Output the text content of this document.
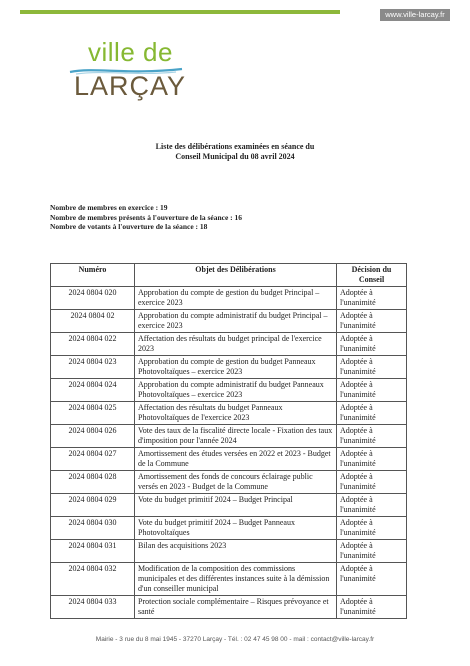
www.ville-larcay.fr
ville de
LARÇAY
Liste des délibérations examinées en séance du
Conseil Municipal du 08 avril 2024
Nombre de membres en exercice : 19
Nombre de membres présents à l'ouverture de la séance : 16
Nombre de votants à l'ouverture de la séance : 18
Numéro	Objet des Délibérations	Décision du Conseil
2024 0804 020	Approbation du compte de gestion du budget Principal – exercice 2023	Adoptée à l'unanimité
2024 0804 02	Approbation du compte administratif du budget Principal – exercice 2023	Adoptée à l'unanimité
2024 0804 022	Affectation des résultats du budget principal de l'exercice 2023	Adoptée à l'unanimité
2024 0804 023	Approbation du compte de gestion du budget Panneaux Photovoltaïques – exercice 2023	Adoptée à l'unanimité
2024 0804 024	Approbation du compte administratif du budget Panneaux Photovoltaïques – exercice 2023	Adoptée à l'unanimité
2024 0804 025	Affectation des résultats du budget Panneaux Photovoltaïques de l'exercice 2023	Adoptée à l'unanimité
2024 0804 026	Vote des taux de la fiscalité directe locale - Fixation des taux d'imposition pour l'année 2024	Adoptée à l'unanimité
2024 0804 027	Amortissement des études versées en 2022 et 2023 - Budget de la Commune	Adoptée à l'unanimité
2024 0804 028	Amortissement des fonds de concours éclairage public versés en 2023 - Budget de la Commune	Adoptée à l'unanimité
2024 0804 029	Vote du budget primitif 2024 – Budget Principal	Adoptée à l'unanimité
2024 0804 030	Vote du budget primitif 2024 – Budget Panneaux Photovoltaïques	Adoptée à l'unanimité
2024 0804 031	Bilan des acquisitions 2023	Adoptée à l'unanimité
2024 0804 032	Modification de la composition des commissions municipales et des différentes instances suite à la démission d'un conseiller municipal	Adoptée à l'unanimité
2024 0804 033	Protection sociale complémentaire – Risques prévoyance et santé	Adoptée à l'unanimité
Mairie - 3 rue du 8 mai 1945 - 37270 Larçay - Tél. : 02 47 45 98 00 - mail : contact@ville-larcay.fr
